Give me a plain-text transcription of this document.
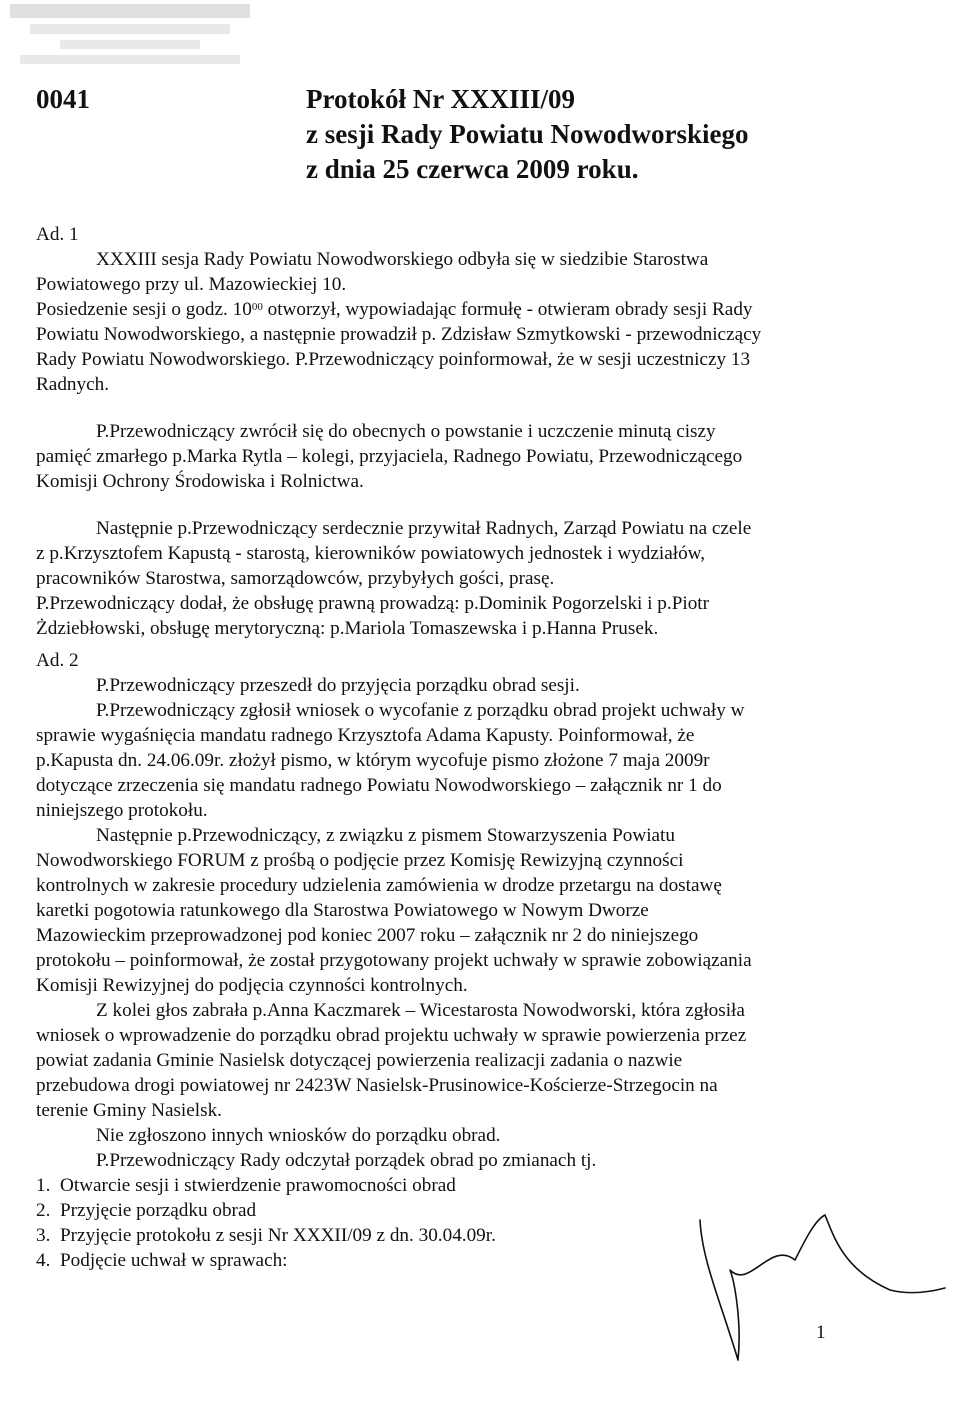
0041	Protokół Nr XXXIII/09
z sesji Rady Powiatu Nowodworskiego
z dnia 25 czerwca 2009 roku.
Ad. 1
XXXIII sesja Rady Powiatu Nowodworskiego odbyła się w siedzibie Starostwa
Powiatowego przy ul. Mazowieckiej 10.
Posiedzenie sesji o godz. $10^{00}$ otworzył, wypowiadając formułę - otwieram obrady sesji Rady
Powiatu Nowodworskiego, a następnie prowadził p. Zdzisław Szmytkowski - przewodniczący
Rady Powiatu Nowodworskiego. P.Przewodniczący poinformował, że w sesji uczestniczy 13
Radnych.
P.Przewodniczący zwrócił się do obecnych o powstanie i uczczenie minutą ciszy
pamięć zmarłego p.Marka Rytla – kolegi, przyjaciela, Radnego Powiatu, Przewodniczącego
Komisji Ochrony Środowiska i Rolnictwa.
Następnie p.Przewodniczący serdecznie przywitał Radnych, Zarząd Powiatu na czele
z p.Krzysztofem Kapustą - starostą, kierowników powiatowych jednostek i wydziałów,
pracowników Starostwa, samorządowców, przybyłych gości, prasę.
P.Przewodniczący dodał, że obsługę prawną prowadzą: p.Dominik Pogorzelski i p.Piotr
Żdziebłowski, obsługę merytoryczną: p.Mariola Tomaszewska i p.Hanna Prusek.
Ad. 2
P.Przewodniczący przeszedł do przyjęcia porządku obrad sesji.
P.Przewodniczący zgłosił wniosek o wycofanie z porządku obrad projekt uchwały w
sprawie wygaśnięcia mandatu radnego Krzysztofa Adama Kapusty. Poinformował, że
p.Kapusta dn. 24.06.09r. złożył pismo, w którym wycofuje pismo złożone 7 maja 2009r
dotyczące zrzeczenia się mandatu radnego Powiatu Nowodworskiego – załącznik nr 1 do
niniejszego protokołu.
Następnie p.Przewodniczący, z związku z pismem Stowarzyszenia Powiatu
Nowodworskiego FORUM z prośbą o podjęcie przez Komisję Rewizyjną czynności
kontrolnych w zakresie procedury udzielenia zamówienia w drodze przetargu na dostawę
karetki pogotowia ratunkowego dla Starostwa Powiatowego w Nowym Dworze
Mazowieckim przeprowadzonej pod koniec 2007 roku – załącznik nr 2 do niniejszego
protokołu – poinformował, że został przygotowany projekt uchwały w sprawie zobowiązania
Komisji Rewizyjnej do podjęcia czynności kontrolnych.
Z kolei głos zabrała p.Anna Kaczmarek – Wicestarosta Nowodworski, która zgłosiła
wniosek o wprowadzenie do porządku obrad projektu uchwały w sprawie powierzenia przez
powiat zadania Gminie Nasielsk dotyczącej powierzenia realizacji zadania o nazwie
przebudowa drogi powiatowej nr 2423W Nasielsk-Prusinowice-Kościerze-Strzegocin na
terenie Gminy Nasielsk.
Nie zgłoszono innych wniosków do porządku obrad.
P.Przewodniczący Rady odczytał porządek obrad po zmianach tj.
1. Otwarcie sesji i stwierdzenie prawomocności obrad
2. Przyjęcie porządku obrad
3. Przyjęcie protokołu z sesji Nr XXXII/09 z dn. 30.04.09r.
4. Podjęcie uchwał w sprawach:
1
